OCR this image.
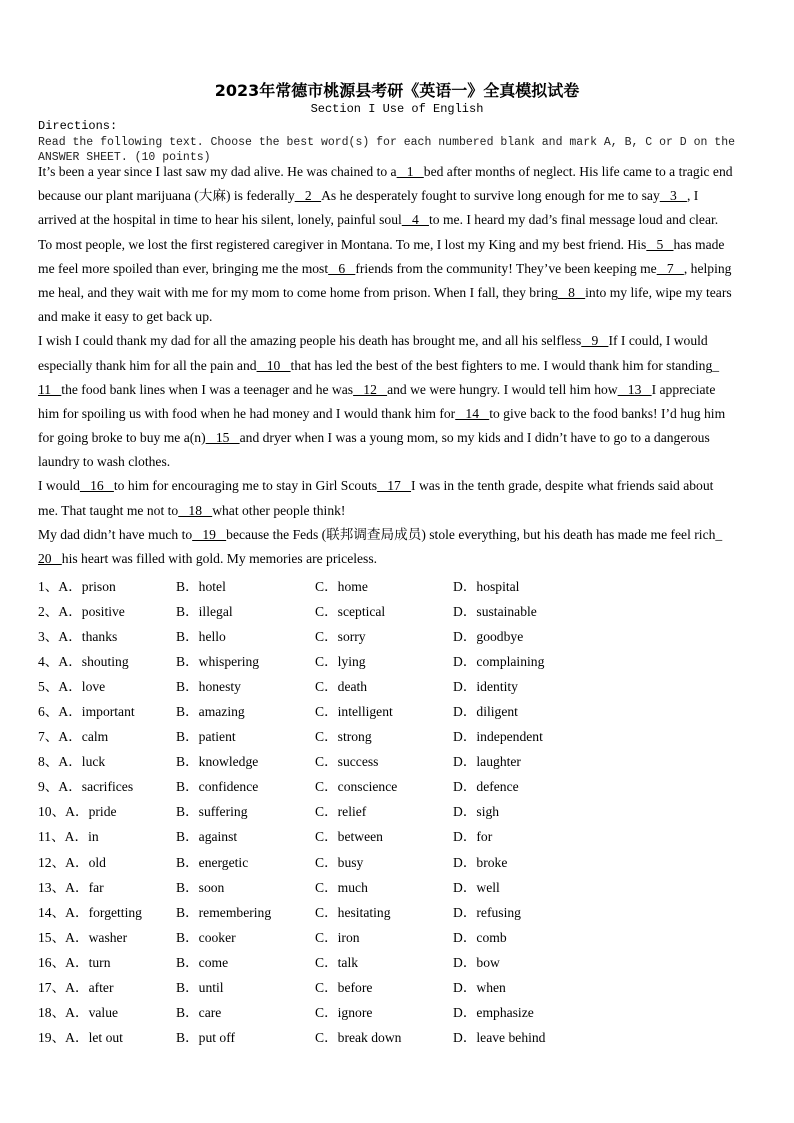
2023年常德市桃源县考研《英语一》全真模拟试卷
Section I Use of English
Directions:
Read the following text. Choose the best word(s) for each numbered blank and mark A, B, C or D on the ANSWER SHEET. (10 points)
It’s been a year since I last saw my dad alive. He was chained to a   1   bed after months of neglect. His life came to a tragic end
because our plant marijuana (大麻) is federally   2   As he desperately fought to survive long enough for me to say   3   , I
arrived at the hospital in time to hear his silent, lonely, painful soul   4   to me. I heard my dad’s final message loud and clear.
To most people, we lost the first registered caregiver in Montana. To me, I lost my King and my best friend. His   5   has made
me feel more spoiled than ever, bringing me the most   6   friends from the community! They’ve been keeping me   7   , helping
me heal, and they wait with me for my mom to come home from prison. When I fall, they bring   8   into my life, wipe my tears
and make it easy to get back up.
I wish I could thank my dad for all the amazing people his death has brought me, and all his selfless   9   If I could, I would
especially thank him for all the pain and   10   that has led the best of the best fighters to me. I would thank him for standing_
11   the food bank lines when I was a teenager and he was   12   and we were hungry. I would tell him how   13   I appreciate
him for spoiling us with food when he had money and I would thank him for   14   to give back to the food banks! I’d hug him
for going broke to buy me a(n)   15   and dryer when I was a young mom, so my kids and I didn’t have to go to a dangerous
laundry to wash clothes.
I would   16   to him for encouraging me to stay in Girl Scouts   17   I was in the tenth grade, despite what friends said about
me. That taught me not to   18   what other people think!
My dad didn’t have much to   19   because the Feds (联邦调查局成员) stole everything, but his death has made me feel rich_
20   his heart was filled with gold. My memories are priceless.
1、A．prison	B．hotel	C．home	D．hospital
2、A．positive	B．illegal	C．sceptical	D．sustainable
3、A．thanks	B．hello	C．sorry	D．goodbye
4、A．shouting	B．whispering	C．lying	D．complaining
5、A．love	B．honesty	C．death	D．identity
6、A．important	B．amazing	C．intelligent	D．diligent
7、A．calm	B．patient	C．strong	D．independent
8、A．luck	B．knowledge	C．success	D．laughter
9、A．sacrifices	B．confidence	C．conscience	D．defence
10、A．pride	B．suffering	C．relief	D．sigh
11、A．in	B．against	C．between	D．for
12、A．old	B．energetic	C．busy	D．broke
13、A．far	B．soon	C．much	D．well
14、A．forgetting	B．remembering	C．hesitating	D．refusing
15、A．washer	B．cooker	C．iron	D．comb
16、A．turn	B．come	C．talk	D．bow
17、A．after	B．until	C．before	D．when
18、A．value	B．care	C．ignore	D．emphasize
19、A．let out	B．put off	C．break down	D．leave behind
